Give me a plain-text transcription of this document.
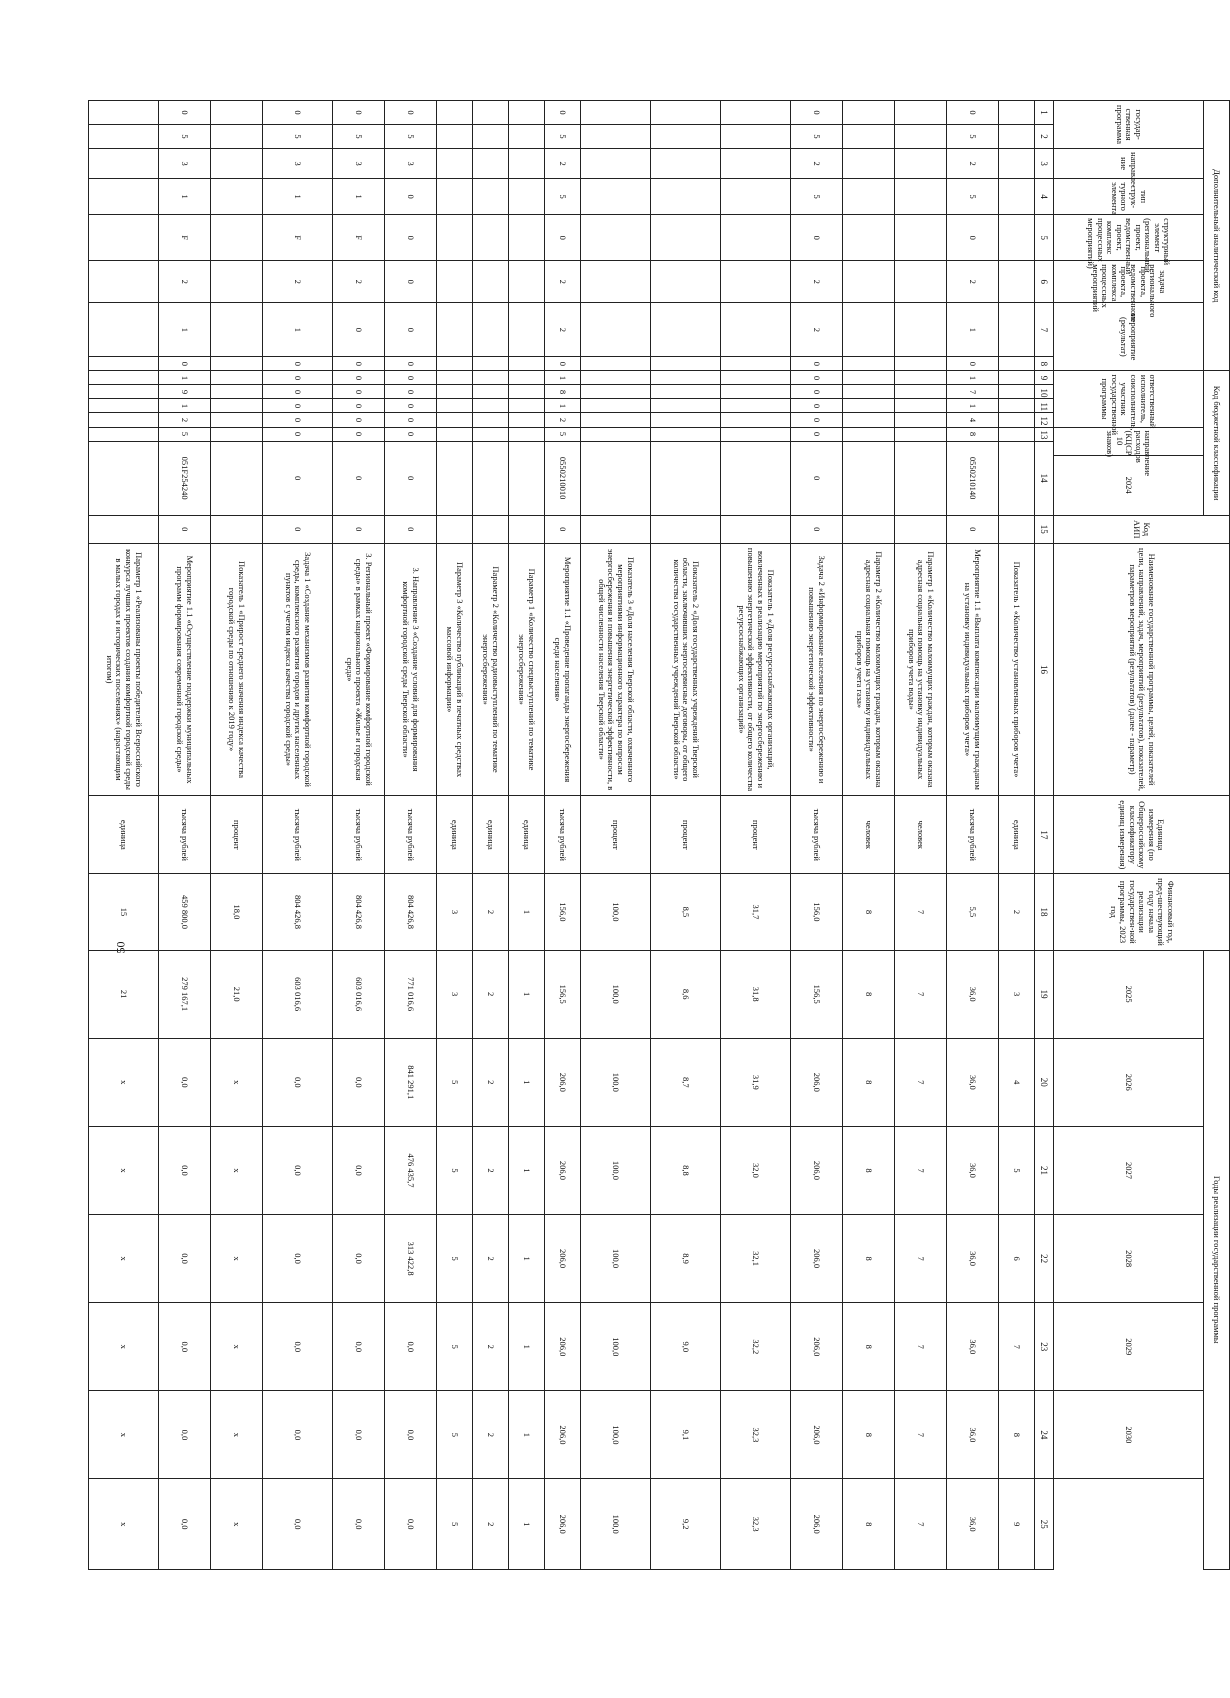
50
Дополнительный аналитический код								Код бюджетной классификации							Код АИП	Наименование государственной программы, целей, показателей цели, направлений, задач, мероприятий (результатов), показателей, параметров мероприятий (результатов) (далее - параметр)	Единица измерения (по Общероссийскому классификатору единиц измерения)	Финансовый год, пред-шествующий году начала реализации государствен-ной программы, 2023 год	Годы реализации государственной программы						
государ-ственная программа		направле-ние	тип струк-турного элемента	структурный элемент (региональный проект, ведомственный проект, комплекс процессных мероприятий)	задача регионального проекта, ведомственного проекта, комплекса процессных мероприятий	мероприятие (результат)		ответственный исполнитель, соисполнитель, участник государственной программы				направление расходов (КЦСР 10 знаков)		2024					2025	2026	2027	2028	2029	2030	
1	2	3	4	5	6	7	8	9	10	11	12	13	14		15	16	17	18	19	20	21	22	23	24	25
																Показатель 1 «Количество установленных приборов учета»	единица	2	3	4	5	6	7	8	9
0	5	2	5	0	2	1	0	1	7	1	4	8	0550210140		0	Мероприятие 1.1 «Выплата компенсации малоимущим гражданам на установку индивидуальных приборов учета»	тысяча рублей	5,5	36,0	36,0	36,0	36,0	36,0	36,0	36,0
																Параметр 1 «Количество малоимущих граждан, которым оказана адресная социальная помощь на установку индивидуальных приборов учета воды»	человек	7	7	7	7	7	7	7	7
																Параметр 2 «Количество малоимущих граждан, которым оказана адресная социальная помощь на установку индивидуальных приборов учета газа»	человек	8	8	8	8	8	8	8	8
0	5	2	5	0	2	2	0	0	0	0	0	0	0		0	Задача 2 «Информирование населения по энергосбережению и повышению энергетической эффективности»	тысяча рублей	156,0	156,5	206,0	206,0	206,0	206,0	206,0	206,0
																Показатель 1 «Доля ресурсоснабжающих организаций, вовлеченных в реализацию мероприятий по энергосбережению и повышению энергетической эффективности, от общего количества ресурсоснабжающих организаций»	процент	31,7	31,8	31,9	32,0	32,1	32,2	32,3	32,3
																Показатель 2 «Доля государственных учреждений Тверской области, заключивших энергосервисные договоры, от общего количества государственных учреждений Тверской области»	процент	8,5	8,6	8,7	8,8	8,9	9,0	9,1	9,2
																Показатель 3 «Доля населения Тверской области, охваченного мероприятиями информационного характера по вопросам энергосбережения и повышения энергетической эффективности, в общей численности населения Тверской области»	процент	100,0	100,0	100,0	100,0	100,0	100,0	100,0	100,0
0	5	2	5	0	2	2	0	1	8	1	2	5	0550210010		0	Мероприятие 1.1 «Проведение пропаганды энергосбережения среди населения»	тысяча рублей	156,0	156,5	206,0	206,0	206,0	206,0	206,0	206,0
																Параметр 1 «Количество спецвыступлений по тематике энергосбережения»	единица	1	1	1	1	1	1	1	1
																Параметр 2 «Количество радиовыступлений по тематике энергосбережения»	единица	2	2	2	2	2	2	2	2
																Параметр 3 «Количество публикаций в печатных средствах массовой информации»	единица	3	3	5	5	5	5	5	5
0	5	3	0	0	0	0	0	0	0	0	0	0	0		0	3. Направление 3 «Создание условий для формирования комфортной городской среды Тверской области»	тысяча рублей	804 426,8	771 016,6	841 291,1	476 435,7	313 422,8	0,0	0,0	0,0
0	5	3	1	F	2	0	0	0	0	0	0	0	0		0	3. Региональный проект «Формирование комфортной городской среды» в рамках национального проекта «Жилье и городская среда»	тысяча рублей	804 426,8	603 016,6	0,0	0,0	0,0	0,0	0,0	0,0
0	5	3	1	F	2	1	0	0	0	0	0	0	0		0	Задача 1 «Создание механизмов развития комфортной городской среды, комплексного развития городов и других населенных пунктов с учетом индекса качества городской среды»	тысяча рублей	804 426,8	603 016,6	0,0	0,0	0,0	0,0	0,0	0,0
																Показатель 1 «Прирост среднего значения индекса качества городской среды по отношению к 2019 году»	процент	18,0	21,0	x	x	x	x	x	x
0	5	3	1	F	2	1	0	1	9	1	2	5	051F254240		0	Мероприятие 1.1 «Осуществление поддержки муниципальных программ формирования современной городской среды»	тысяча рублей	459 800,0	279 167,1	0,0	0,0	0,0	0,0	0,0	0,0
																Параметр 1 «Реализованы проекты победителей Всероссийского конкурса лучших проектов создания комфортной городской среды в малых городах и исторических поселениях» (нарастающим итогом)	единица	15	21	x	x	x	x	x	x
